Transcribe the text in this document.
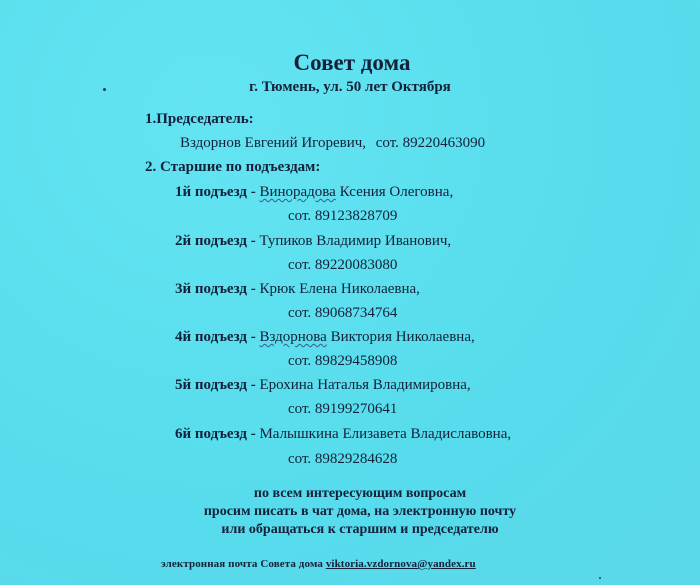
Совет дома
г. Тюмень, ул. 50 лет Октября
1.Председатель:
Вздорнов Евгений Игоревич, сот. 89220463090
2. Старшие по подъездам:
1й подъезд - Винорадова Ксения Олеговна,
сот. 89123828709
2й подъезд - Тупиков Владимир Иванович,
сот. 89220083080
3й подъезд - Крюк Елена Николаевна,
сот. 89068734764
4й подъезд - Вздорнова Виктория Николаевна,
сот. 89829458908
5й подъезд - Ерохина Наталья Владимировна,
сот. 89199270641
6й подъезд - Малышкина Елизавета Владиславовна,
сот. 89829284628
по всем интересующим вопросам
просим писать в чат дома, на электронную почту
или обращаться к старшим и председателю
электронная почта Совета дома viktoria.vzdornova@yandex.ru
